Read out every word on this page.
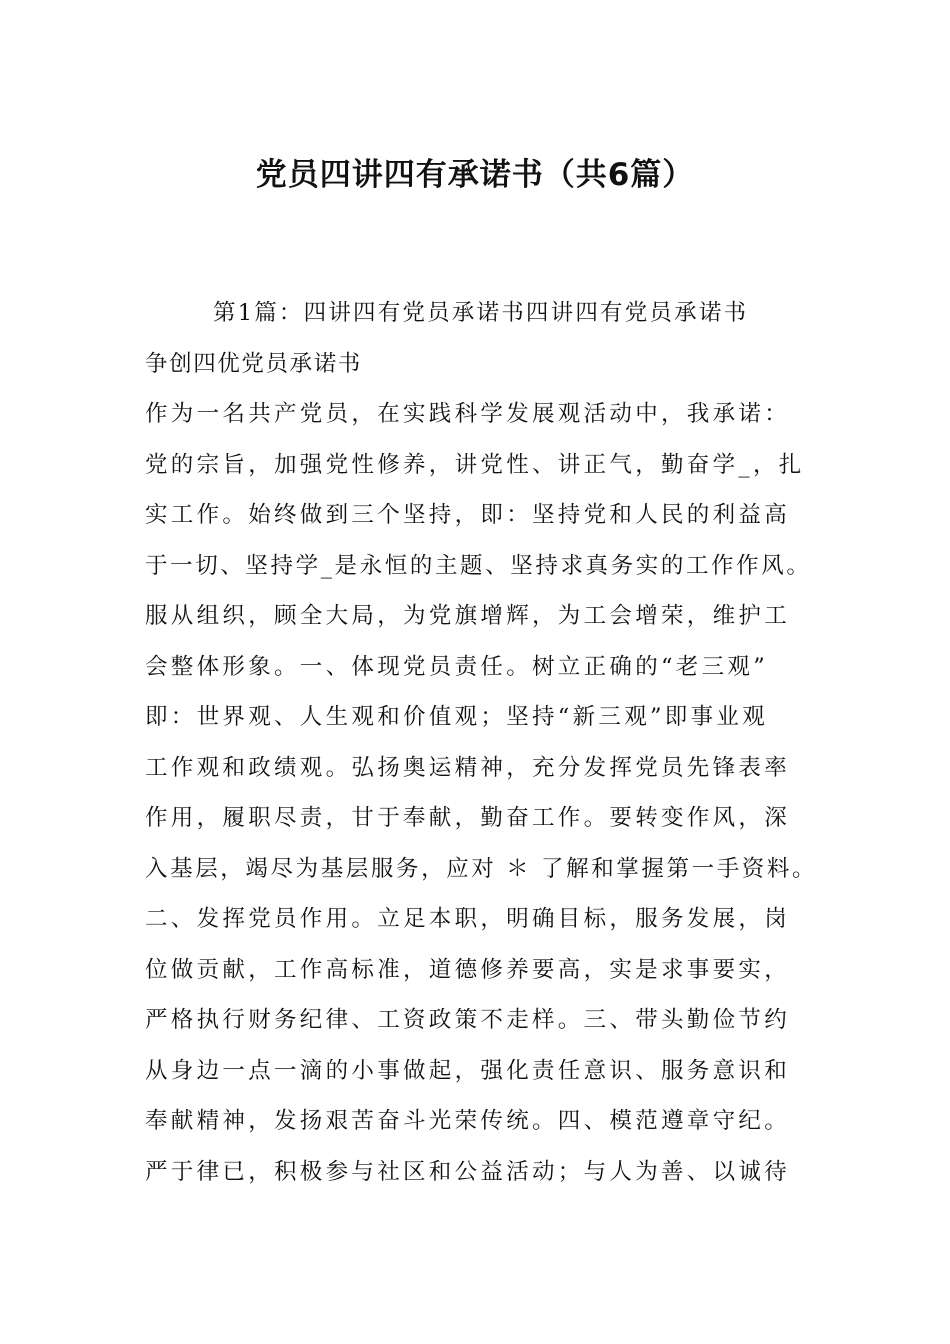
党员四讲四有承诺书（共6篇）
第1篇：四讲四有党员承诺书四讲四有党员承诺书
争创四优党员承诺书
作为一名共产党员，在实践科学发展观活动中，我承诺：
党的宗旨，加强党性修养，讲党性、讲正气，勤奋学_，扎
实工作。始终做到三个坚持，即：坚持党和人民的利益高
于一切、坚持学_是永恒的主题、坚持求真务实的工作作风。
服从组织，顾全大局，为党旗增辉，为工会增荣，维护工
会整体形象。一、体现党员责任。树立正确的“老三观”
即：世界观、人生观和价值观；坚持“新三观”即事业观
工作观和政绩观。弘扬奥运精神，充分发挥党员先锋表率
作用，履职尽责，甘于奉献，勤奋工作。要转变作风，深
入基层，竭尽为基层服务，应对 ＊ 了解和掌握第一手资料。
二、发挥党员作用。立足本职，明确目标，服务发展，岗
位做贡献，工作高标准，道德修养要高，实是求事要实，
严格执行财务纪律、工资政策不走样。三、带头勤俭节约
从身边一点一滴的小事做起，强化责任意识、服务意识和
奉献精神，发扬艰苦奋斗光荣传统。四、模范遵章守纪。
严于律已，积极参与社区和公益活动；与人为善、以诚待
